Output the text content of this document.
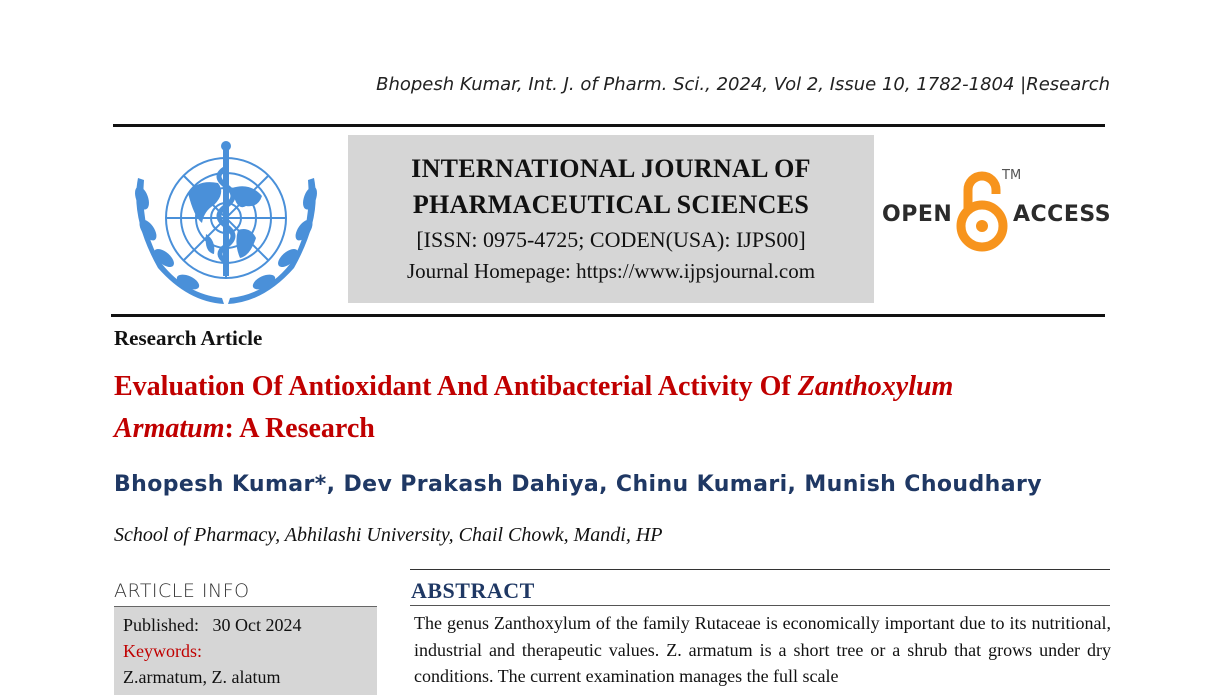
Bhopesh Kumar, Int. J. of Pharm. Sci., 2024, Vol 2, Issue 10, 1782-1804 |Research
INTERNATIONAL JOURNAL OF
PHARMACEUTICAL SCIENCES
[ISSN: 0975-4725; CODEN(USA): IJPS00]
Journal Homepage: https://www.ijpsjournal.com
OPEN
TM
ACCESS
Research Article
Evaluation Of Antioxidant And Antibacterial Activity Of Zanthoxylum
Armatum: A Research
Bhopesh Kumar*, Dev Prakash Dahiya, Chinu Kumari, Munish Choudhary
School of Pharmacy, Abhilashi University, Chail Chowk, Mandi, HP
ARTICLE INFO
Published: 30 Oct 2024
Keywords:
Z.armatum, Z. alatum
ABSTRACT
The genus Zanthoxylum of the family Rutaceae is economically important due to its nutritional, industrial and therapeutic values. Z. armatum is a short tree or a shrub that grows under dry conditions. The current examination manages the full scale
